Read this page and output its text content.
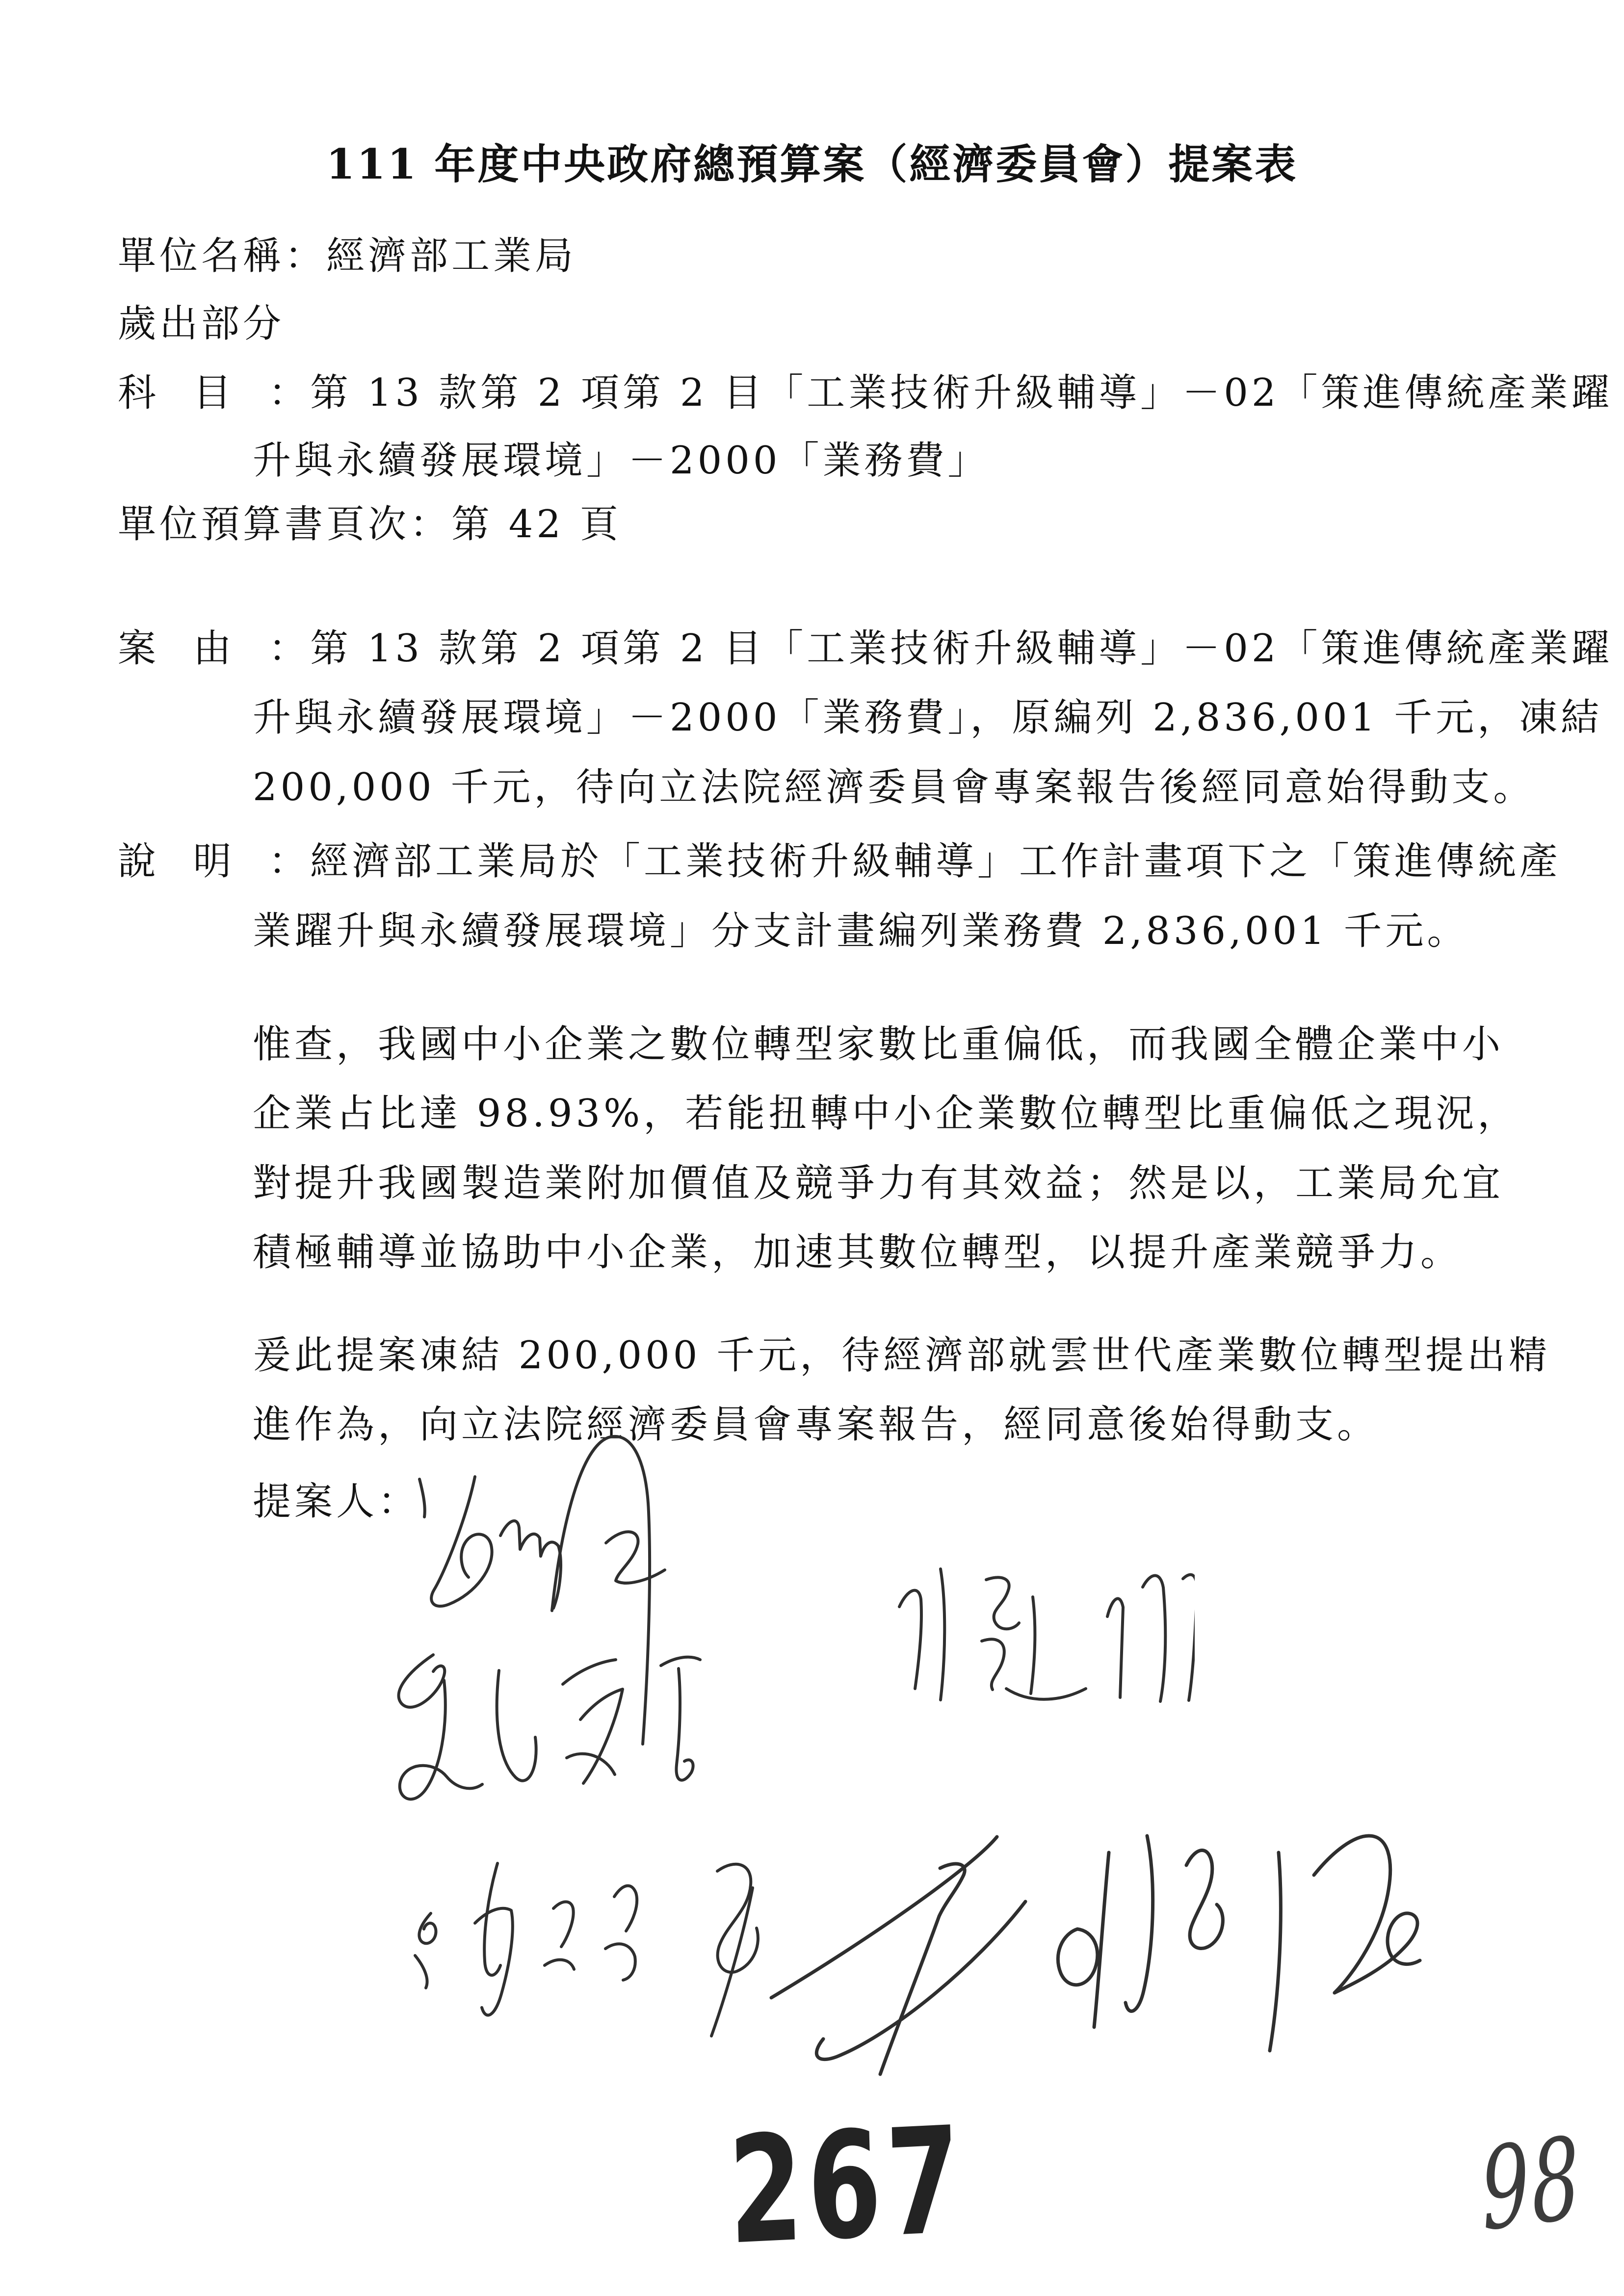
111 年度中央政府總預算案（經濟委員會）提案表
單位名稱：經濟部工業局
歲出部分
科目：第 13 款第 2 項第 2 目「工業技術升級輔導」－02「策進傳統產業躍
升與永續發展環境」－2000「業務費」
單位預算書頁次：第 42 頁
案由：第 13 款第 2 項第 2 目「工業技術升級輔導」－02「策進傳統產業躍
升與永續發展環境」－2000「業務費」，原編列 2,836,001 千元，凍結
200,000 千元，待向立法院經濟委員會專案報告後經同意始得動支。
說明：經濟部工業局於「工業技術升級輔導」工作計畫項下之「策進傳統產
業躍升與永續發展環境」分支計畫編列業務費 2,836,001 千元。
惟查，我國中小企業之數位轉型家數比重偏低，而我國全體企業中小
企業占比達 98.93%，若能扭轉中小企業數位轉型比重偏低之現況，
對提升我國製造業附加價值及競爭力有其效益；然是以，工業局允宜
積極輔導並協助中小企業，加速其數位轉型，以提升產業競爭力。
爰此提案凍結 200,000 千元，待經濟部就雲世代產業數位轉型提出精
進作為，向立法院經濟委員會專案報告，經同意後始得動支。
提案人：
267	98
